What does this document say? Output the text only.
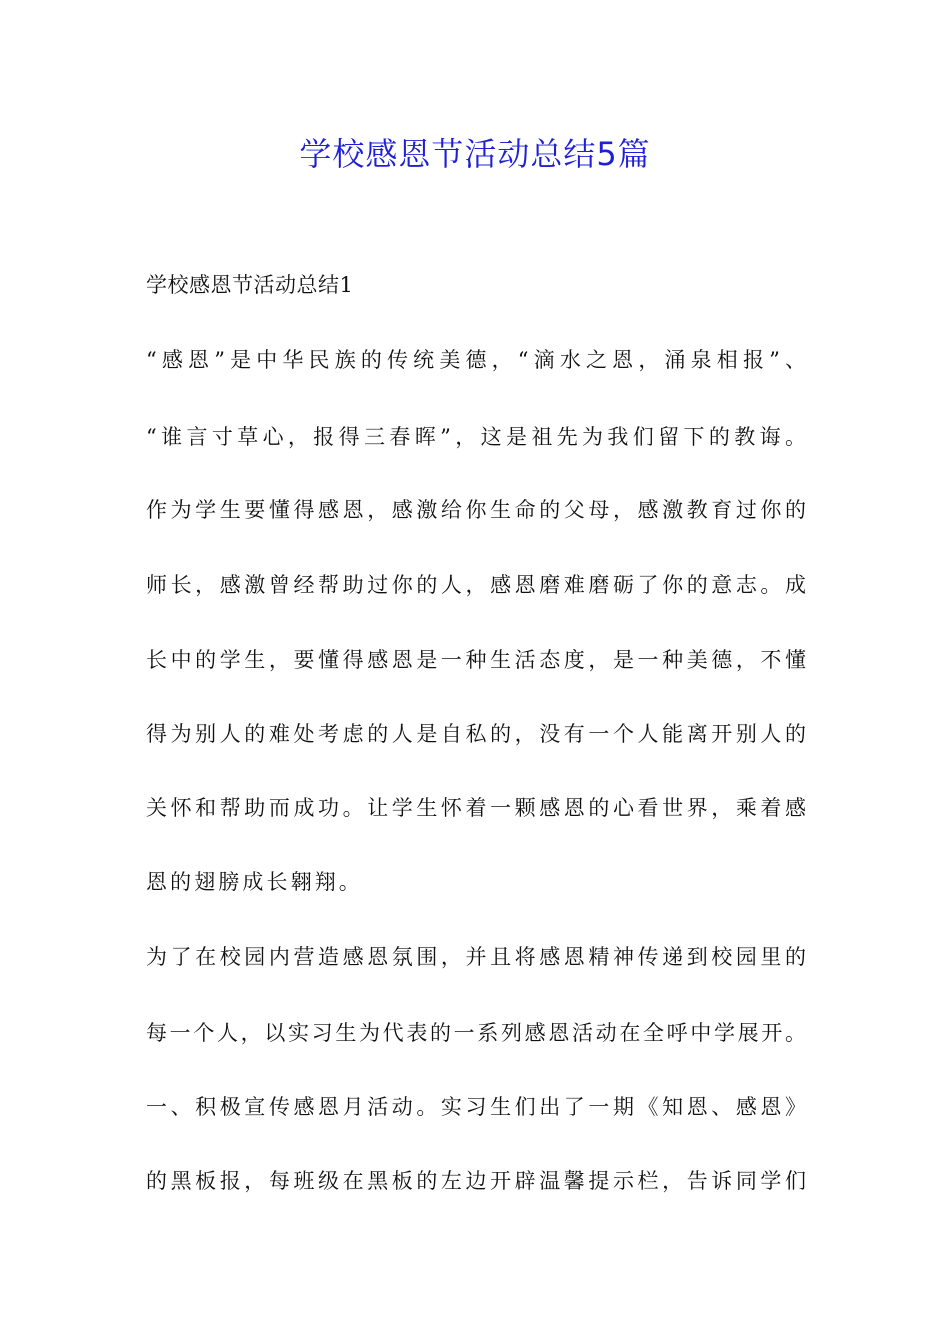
学校感恩节活动总结5篇
学校感恩节活动总结1
“感恩”是中华民族的传统美德，“滴水之恩，涌泉相报”、
“谁言寸草心，报得三春晖”，这是祖先为我们留下的教诲。
作为学生要懂得感恩，感激给你生命的父母，感激教育过你的
师长，感激曾经帮助过你的人，感恩磨难磨砺了你的意志。成
长中的学生，要懂得感恩是一种生活态度，是一种美德，不懂
得为别人的难处考虑的人是自私的，没有一个人能离开别人的
关怀和帮助而成功。让学生怀着一颗感恩的心看世界，乘着感
恩的翅膀成长翱翔。
为了在校园内营造感恩氛围，并且将感恩精神传递到校园里的
每一个人，以实习生为代表的一系列感恩活动在全呼中学展开。
一、积极宣传感恩月活动。实习生们出了一期《知恩、感恩》
的黑板报，每班级在黑板的左边开辟温馨提示栏，告诉同学们
